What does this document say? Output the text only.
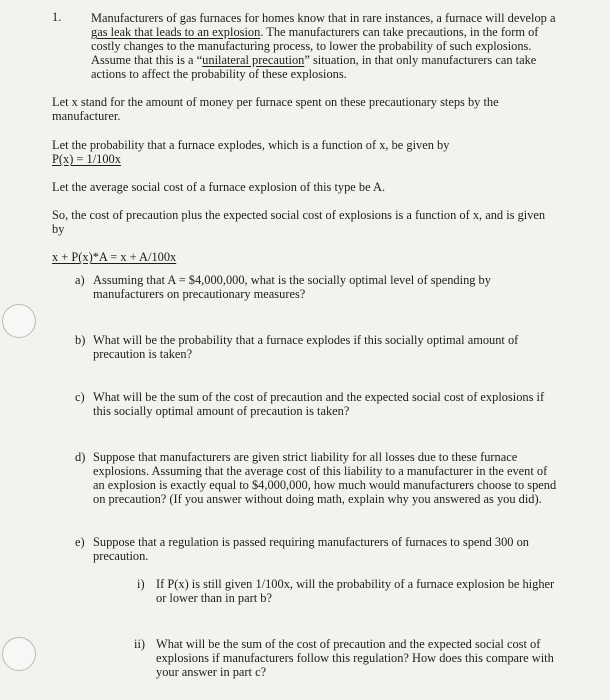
1. Manufacturers of gas furnaces for homes know that in rare instances, a furnace will develop a
gas leak that leads to an explosion. The manufacturers can take precautions, in the form of
costly changes to the manufacturing process, to lower the probability of such explosions.
Assume that this is a “unilateral precaution” situation, in that only manufacturers can take
actions to affect the probability of these explosions.
Let x stand for the amount of money per furnace spent on these precautionary steps by the
manufacturer.
Let the probability that a furnace explodes, which is a function of x, be given by
P(x) = 1/100x
Let the average social cost of a furnace explosion of this type be A.
So, the cost of precaution plus the expected social cost of explosions is a function of x, and is given
by
x + P(x)*A = x + A/100x
a) Assuming that A = $4,000,000, what is the socially optimal level of spending by
manufacturers on precautionary measures?
b) What will be the probability that a furnace explodes if this socially optimal amount of
precaution is taken?
c) What will be the sum of the cost of precaution and the expected social cost of explosions if
this socially optimal amount of precaution is taken?
d) Suppose that manufacturers are given strict liability for all losses due to these furnace
explosions. Assuming that the average cost of this liability to a manufacturer in the event of
an explosion is exactly equal to $4,000,000, how much would manufacturers choose to spend
on precaution? (If you answer without doing math, explain why you answered as you did).
e) Suppose that a regulation is passed requiring manufacturers of furnaces to spend 300 on
precaution.
i) If P(x) is still given 1/100x, will the probability of a furnace explosion be higher
or lower than in part b?
ii) What will be the sum of the cost of precaution and the expected social cost of
explosions if manufacturers follow this regulation? How does this compare with
your answer in part c?
